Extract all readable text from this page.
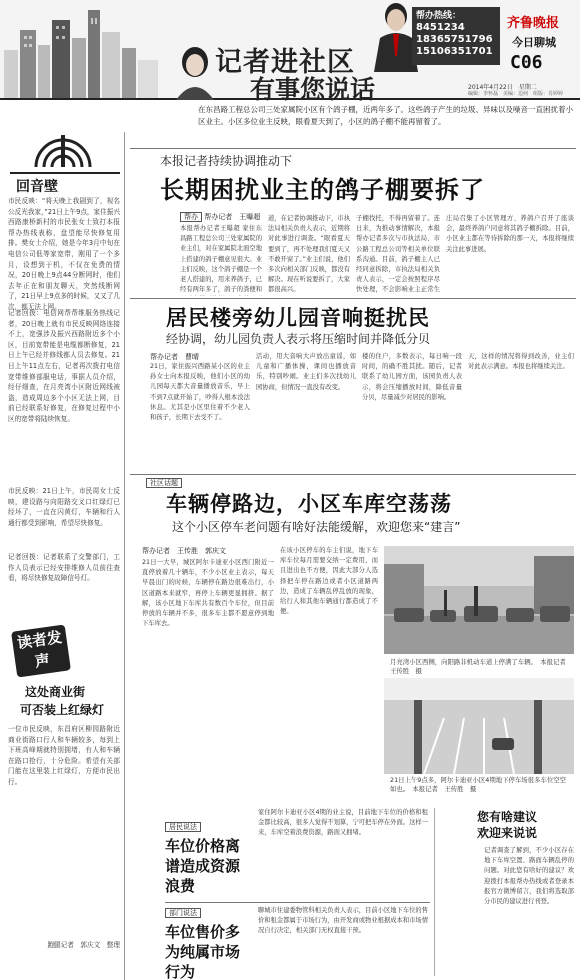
记者进社区
有事您说话
帮办热线：
8451234
18365751796
15106351701
齐鲁晚报
今日聊城
C06
2014年4月22日　星期二
编辑：李怀磊　美编：边何　组版：肖婷婷
在东昌路工程总公司三处家属院小区有个鸽子棚，近两年多了。这些鸽子产生的垃圾、异味以及噪音一直困扰着小区业主。小区多位业主反映，眼看夏天到了，小区的鸽子棚不能再留着了。
回音壁
市民反映：“将天晚上我剧到了，视名公反光我家，”21日上午9点，家住振兴西路康桥新村的市民张女士致打本报帮办热线表称，盘望能尽快修复用排。樊女士介绍，她是今年3月中旬在电信公司低等家宽带，刚用了一个多月，设想到于机，不仅在免费的情况，20日晚上9点44分断网时，他们去年正在和朋友聊天，突然线断网了，21日早上9点多的时候，又又了几次，都无法上网。
记者回拨：电信网帮帮维服务热线记者，20日晚上就有市民反映网络连接不上，宽强涉及振兴西路附近多个小区，目前宽带能是电缆都断修复，21日上午已经并修线都人员去修复。21日上午11点左右，记者再次拨打电信宽带维修部服电话，事据人员介绍，经仔细查，在月亮湾小区附近网线被盗，造成周边多个小区无法上网，目前已经联系好修复，在修复过程中小区的宽带将陆续恢复。
市民反映：21日上午，市民周女士反映，建设路与向阳路交叉口红绿灯已经坏了，一直在闪黄灯，车辆和行人通行都受到影响，希望尽快修复。
记者回拨：记者联系了交警部门，工作人员表示已经安排维修人员前往查看，将尽快修复故障信号灯。
读者发声
这处商业街
可否装上红绿灯
一位市民反映，东昌府区柳园路附近商业街路口行人和车辆较多，每到上下班高峰期就特别拥堵，有人和车辆在路口抢行，十分危险。希望有关部门能在这里装上红绿灯，方便市民出行。
跑腿记者　郭庆文　整理
本报记者持续协调推动下
长期困扰业主的鸽子棚要拆了
帮办 帮办记者　王曝超
本报帮办记者王曝超 家住东昌路工程总公司三处家属院的业主们，对在家属院北面空地上搭建的鸽子棚意见很大。业主们反映，这个鸽子棚是一个老人搭建的，用来养鸽子，已经有两年多了，鸽子的粪便和
道，在记者协调推动下，市执法局相关负责人表示，近期将对此事进行调查。“眼看夏天要到了，再不处理我们夏天又不敢开窗了。”业主们说，他们多次向相关部门反映，都没有解决。现在听说要拆了，大家都很高兴。
子棚找托，不得再留着了。连日来，为推动事情解决，本报帮办记者多次与市执法局、市公路工程总公司等相关单位联系沟通。目前，鸽子棚主人已经同意拆除，市执法局相关负责人表示，一定会按照程序尽快处理，不会影响业主正常生
庄局召集了小区管理方、养鸽户召开了座谈会，最终养鸽户同意将其鸽子棚拆除。目前，小区业主都在等待拆除的那一天，本报将继续关注此事进展。
居民楼旁幼儿园音响挺扰民
经协调，幼儿园负责人表示将压缩时间并降低分贝
帮办记者　曹晴
21日，家住振兴西路某小区的业主孙女士向本报反映，他们小区的幼儿园每天都大音量播放音乐，早上不到7点就开始了，吵得人根本没法休息。尤其是小区里住着不少老人和孩子，长期下去受不了。
活动，用大音响大声放出童谣，如儿童和广播体操，课间也播放音乐，特别吵闹。业主们多次找幼儿园协商，但情况一直没有改变。
楼的住户，多数表示，每日响一段时间，的确不胜其扰。随后，记者联系了幼儿园方面，该园负责人表示，将会压缩播放时间，降低音量分贝，尽量减少对居民的影响。
天，这样的情况将得到改善，业主们对此表示满意。本报也将继续关注。
社区话题
车辆停路边，小区车库空荡荡
这个小区停车老问题有啥好法能缓解，欢迎您来“建言”
帮办记者　王传胜　郭庆文
21日一大早，城区阿尔卡迪亚小区西门附近一直停放着几十辆车，不少小区业主表示，每天早晨出门的时候，车辆停在路边很难出行，小区道路本来就窄，再停上车辆更显拥挤。据了解，该小区地下车库共有数百个车位，但目前停放的车辆并不多，很多车主都不愿意停到地下车库去。
在该小区停车的车主们说，地下车库车位每月需要交纳一定费用，而且进出也不方便，因此大部分人选择把车停在路边或者小区道路两边，造成了车辆乱停乱放的现象，给行人和其他车辆通行都造成了不便。
月亮湾小区西侧，向阳路非机动车道上停满了车辆。　本报记者　王传胜　摄
21日上午9点多，阿尔卡迪亚小区4期地下停车场很多车位空空如也。　本报记者　王传胜　摄
居民说法
车位价格离谱造成资源浪费
家住阿尔卡迪亚小区4期的业主说，目前地下车位的价格和租金都比较高，很多人觉得不划算，宁可把车停在外面。这样一来，车库空着浪费资源，路面又拥堵。
部门说法
车位售价多为纯属市场行为
聊城市住建委物管科相关负责人表示，目前小区地下车位的售价和租金都属于市场行为，由开发商或物业根据成本和市场情况自行决定，相关部门无权直接干预。
您有啥建议
欢迎来说说
记者调查了解到，不少小区存在地下车库空置、路面车辆乱停的问题。对此您有啥好的建议？欢迎拨打本报帮办热线或者登录本报官方微博留言，我们将选取部分市民的建议进行刊登。
